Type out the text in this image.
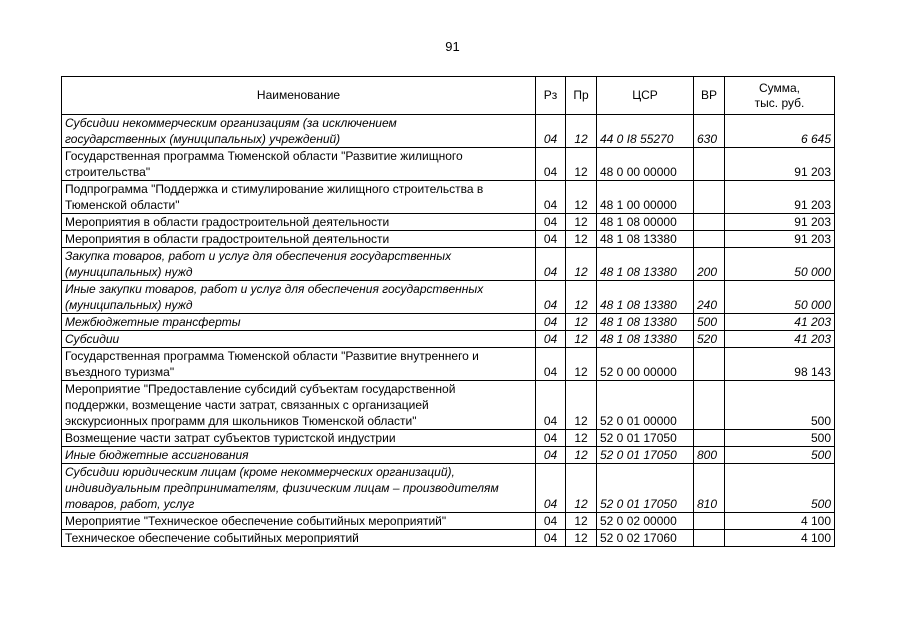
91
Наименование	Рз	Пр	ЦСР	ВР	Сумма,
тыс. руб.
Субсидии некоммерческим организациям (за исключением
государственных (муниципальных) учреждений)	04	12	44 0 I8 55270	630	6 645
Государственная программа Тюменской области "Развитие жилищного
строительства"	04	12	48 0 00 00000		91 203
Подпрограмма "Поддержка и стимулирование жилищного строительства в
Тюменской области"	04	12	48 1 00 00000		91 203
Мероприятия в области градостроительной деятельности	04	12	48 1 08 00000		91 203
Мероприятия в области градостроительной деятельности	04	12	48 1 08 13380		91 203
Закупка товаров, работ и услуг для обеспечения государственных
(муниципальных) нужд	04	12	48 1 08 13380	200	50 000
Иные закупки товаров, работ и услуг для обеспечения государственных
(муниципальных) нужд	04	12	48 1 08 13380	240	50 000
Межбюджетные трансферты	04	12	48 1 08 13380	500	41 203
Субсидии	04	12	48 1 08 13380	520	41 203
Государственная программа Тюменской области "Развитие внутреннего и
въездного туризма"	04	12	52 0 00 00000		98 143
Мероприятие "Предоставление субсидий субъектам государственной
поддержки, возмещение части затрат, связанных с организацией
экскурсионных программ для школьников Тюменской области"	04	12	52 0 01 00000		500
Возмещение части затрат субъектов туристской индустрии	04	12	52 0 01 17050		500
Иные бюджетные ассигнования	04	12	52 0 01 17050	800	500
Субсидии юридическим лицам (кроме некоммерческих организаций),
индивидуальным предпринимателям, физическим лицам – производителям
товаров, работ, услуг	04	12	52 0 01 17050	810	500
Мероприятие "Техническое обеспечение событийных мероприятий"	04	12	52 0 02 00000		4 100
Техническое обеспечение событийных мероприятий	04	12	52 0 02 17060		4 100
